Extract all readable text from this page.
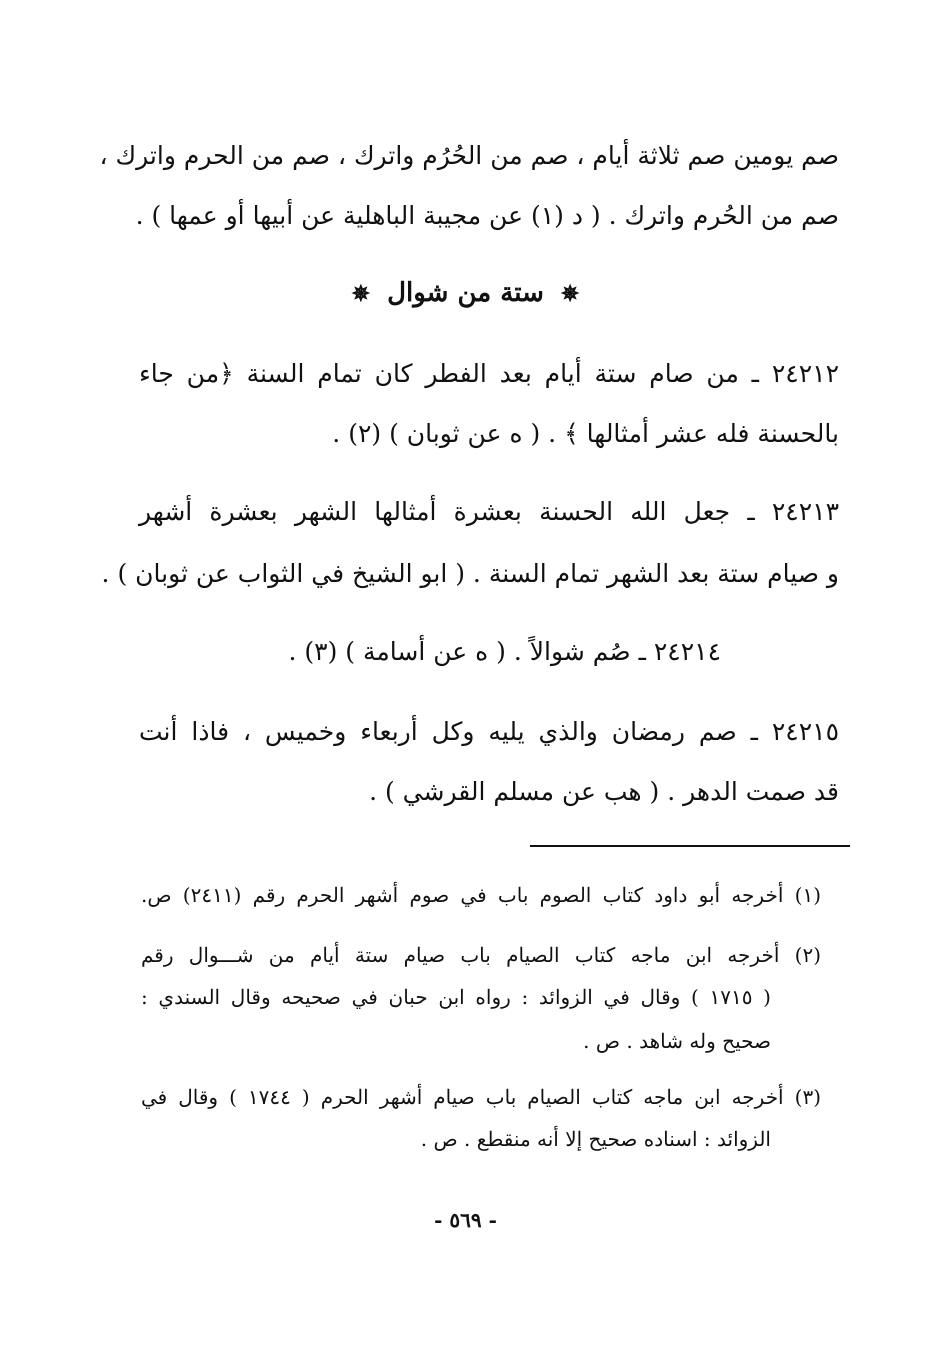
صم يومين صم ثلاثة أيام ، صم من الحُرُم واترك ، صم من الحرم واترك ،
صم من الحُرم واترك . ( د (١) عن مجيبة الباهلية عن أبيها أو عمها ) .
✵ ستة من شوال ✵
٢٤٢١٢ ـ من صام ستة أيام بعد الفطر كان تمام السنة ﴿من جاء
بالحسنة فله عشر أمثالها ﴾ . ( ه عن ثوبان ) (٢) .
٢٤٢١٣ ـ جعل الله الحسنة بعشرة أمثالها الشهر بعشرة أشهر
و صيام ستة بعد الشهر تمام السنة . ( ابو الشيخ في الثواب عن ثوبان ) .
٢٤٢١٤ ـ صُم شوالاً . ( ه عن أسامة ) (٣) .
٢٤٢١٥ ـ صم رمضان والذي يليه وكل أربعاء وخميس ، فاذا أنت
قد صمت الدهر . ( هب عن مسلم القرشي ) .
(١) أخرجه أبو داود كتاب الصوم باب في صوم أشهر الحرم رقم (٢٤١١) ص.
(٢) أخرجه ابن ماجه كتاب الصيام باب صيام ستة أيام من شـــوال رقم
( ١٧١٥ ) وقال في الزوائد : رواه ابن حبان في صحيحه وقال السندي :
صحيح وله شاهد . ص .
(٣) أخرجه ابن ماجه كتاب الصيام باب صيام أشهر الحرم ( ١٧٤٤ ) وقال في
الزوائد : اسناده صحيح إلا أنه منقطع . ص .
- ٥٦٩ -
